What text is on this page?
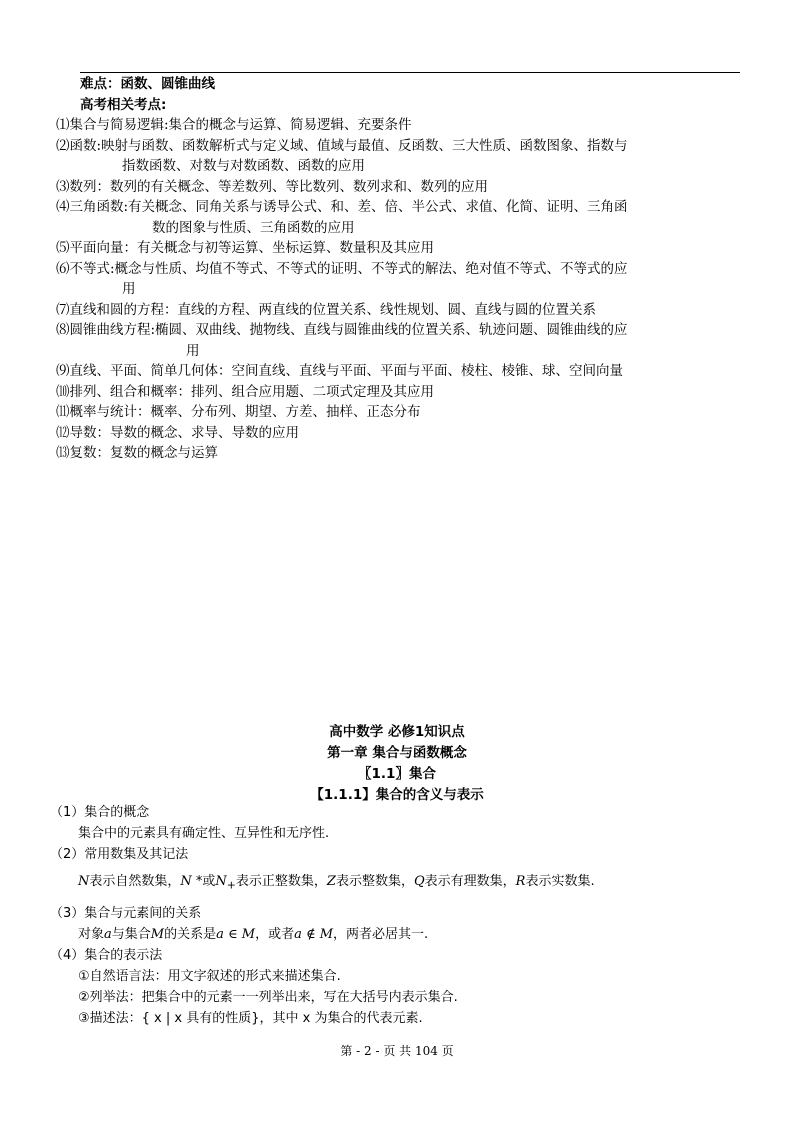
难点：函数、圆锥曲线
高考相关考点:
⑴集合与简易逻辑:集合的概念与运算、简易逻辑、充要条件
⑵函数:映射与函数、函数解析式与定义域、值域与最值、反函数、三大性质、函数图象、指数与
指数函数、对数与对数函数、函数的应用
⑶数列：数列的有关概念、等差数列、等比数列、数列求和、数列的应用
⑷三角函数:有关概念、同角关系与诱导公式、和、差、倍、半公式、求值、化简、证明、三角函
数的图象与性质、三角函数的应用
⑸平面向量：有关概念与初等运算、坐标运算、数量积及其应用
⑹不等式:概念与性质、均值不等式、不等式的证明、不等式的解法、绝对值不等式、不等式的应
用
⑺直线和圆的方程：直线的方程、两直线的位置关系、线性规划、圆、直线与圆的位置关系
⑻圆锥曲线方程:椭圆、双曲线、抛物线、直线与圆锥曲线的位置关系、轨迹问题、圆锥曲线的应
用
⑼直线、平面、简单几何体：空间直线、直线与平面、平面与平面、棱柱、棱锥、球、空间向量
⑽排列、组合和概率：排列、组合应用题、二项式定理及其应用
⑾概率与统计：概率、分布列、期望、方差、抽样、正态分布
⑿导数：导数的概念、求导、导数的应用
⒀复数：复数的概念与运算
高中数学 必修1知识点
第一章 集合与函数概念
〖1.1〗集合
【1.1.1】集合的含义与表示
（1）集合的概念
集合中的元素具有确定性、互异性和无序性.
（2）常用数集及其记法
N表示自然数集，N *或$N_+$表示正整数集，Z表示整数集，Q表示有理数集，R表示实数集.
（3）集合与元素间的关系
对象a与集合M的关系是a ∈ M，或者a ∉ M，两者必居其一.
（4）集合的表示法
①自然语言法：用文字叙述的形式来描述集合.
②列举法：把集合中的元素一一列举出来，写在大括号内表示集合.
③描述法：{ x | x 具有的性质}，其中 x 为集合的代表元素.
第 - 2 - 页 共 104 页
